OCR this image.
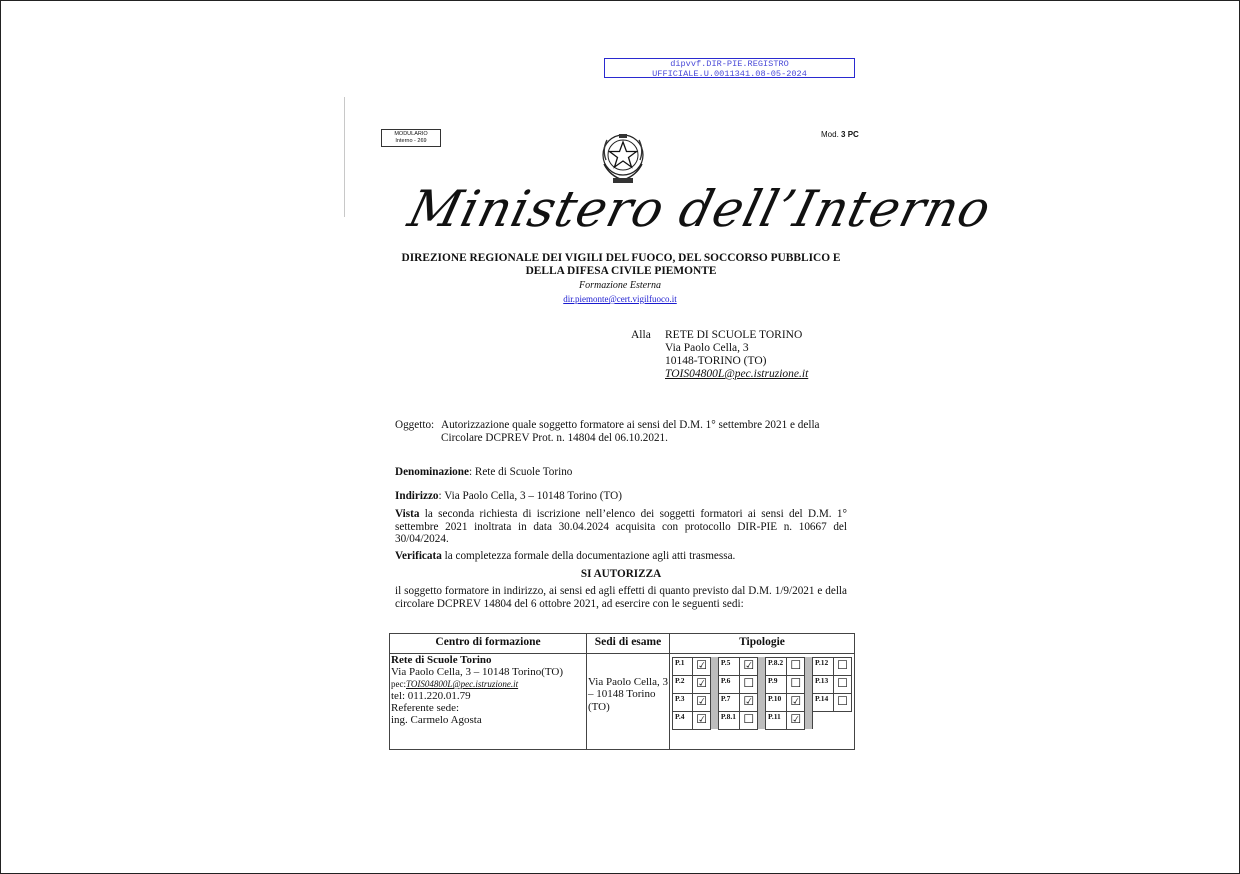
dipvvf.DIR-PIE.REGISTRO
UFFICIALE.U.0011341.08-05-2024
MODULARIO
Interno - 269
Mod. 3 PC
Ministero dell’Interno
DIREZIONE REGIONALE DEI VIGILI DEL FUOCO, DEL SOCCORSO PUBBLICO E
DELLA DIFESA CIVILE PIEMONTE
Formazione Esterna
dir.piemonte@cert.vigilfuoco.it
Alla RETE DI SCUOLE TORINO
Via Paolo Cella, 3
10148-TORINO (TO)
TOIS04800L@pec.istruzione.it
Oggetto: Autorizzazione quale soggetto formatore ai sensi del D.M. 1° settembre 2021 e della
Circolare DCPREV Prot. n. 14804 del 06.10.2021.
Denominazione: Rete di Scuole Torino
Indirizzo: Via Paolo Cella, 3 – 10148 Torino (TO)
Vista la seconda richiesta di iscrizione nell’elenco dei soggetti formatori ai sensi del D.M. 1° settembre 2021 inoltrata in data 30.04.2024 acquisita con protocollo DIR-PIE n. 10667 del 30/04/2024.
Verificata la completezza formale della documentazione agli atti trasmessa.
SI AUTORIZZA
il soggetto formatore in indirizzo, ai sensi ed agli effetti di quanto previsto dal D.M. 1/9/2021 e della circolare DCPREV 14804 del 6 ottobre 2021, ad esercire con le seguenti sedi:
Centro di formazione	Sedi di esame	Tipologie

Rete di Scuole Torino
Via Paolo Cella, 3 – 10148 Torino(TO)
pec:TOIS04800L@pec.istruzione.it
tel: 011.220.01.79
Referente sede:
ing. Carmelo Agosta

Via Paolo Cella, 3 – 10148 Torino (TO)

P.1	☑		P.5	☑		P.8.2	☐		P.12	☐
P.2	☑		P.6	☐		P.9	☐		P.13	☐
P.3	☑		P.7	☑		P.10	☑		P.14	☐
P.4	☑		P.8.1	☐		P.11	☑			
